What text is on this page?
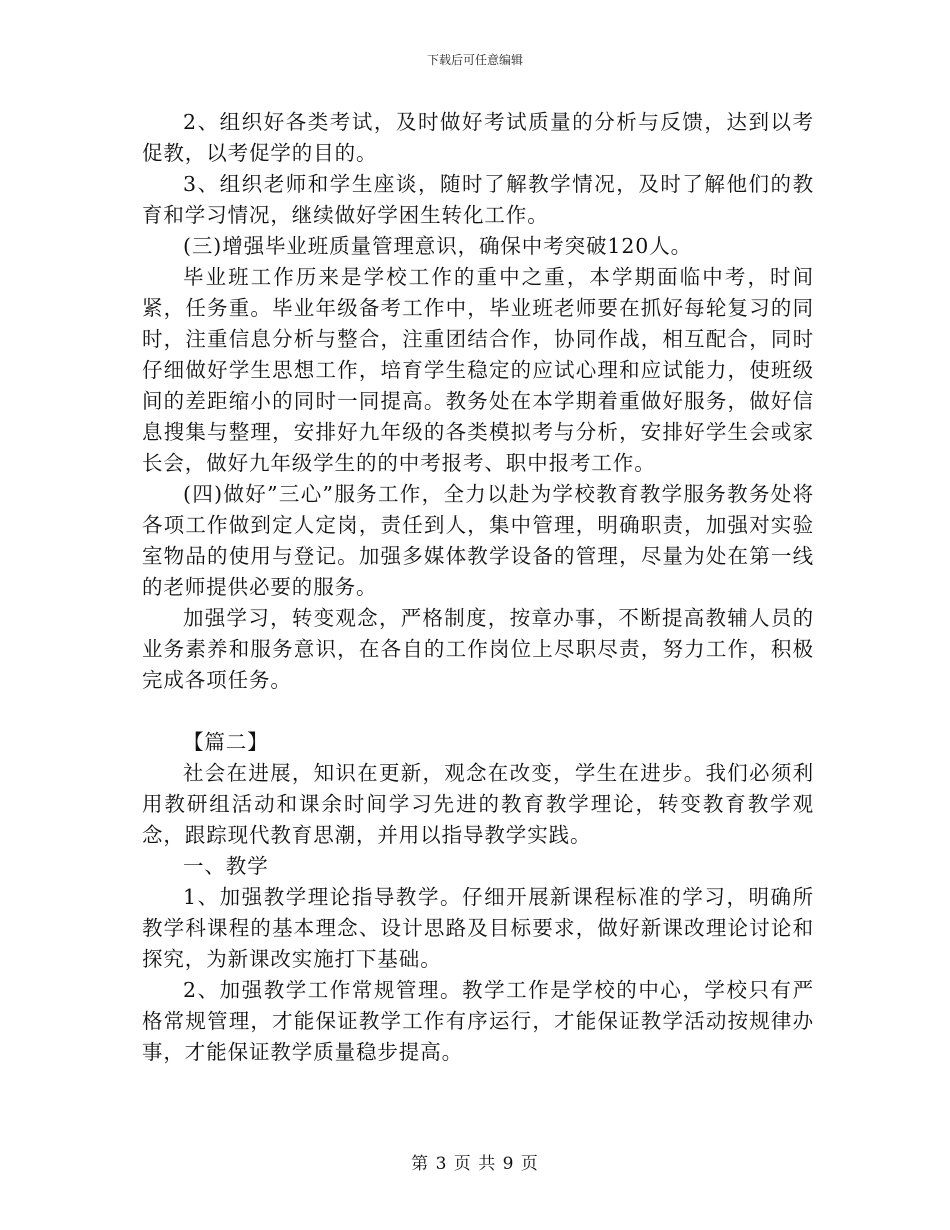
下载后可任意编辑

2、组织好各类考试，及时做好考试质量的分析与反馈，达到以考促教，以考促学的目的。

3、组织老师和学生座谈，随时了解教学情况，及时了解他们的教育和学习情况，继续做好学困生转化工作。

(三)增强毕业班质量管理意识，确保中考突破120人。

毕业班工作历来是学校工作的重中之重，本学期面临中考，时间紧，任务重。毕业年级备考工作中，毕业班老师要在抓好每轮复习的同时，注重信息分析与整合，注重团结合作，协同作战，相互配合，同时仔细做好学生思想工作，培育学生稳定的应试心理和应试能力，使班级间的差距缩小的同时一同提高。教务处在本学期着重做好服务，做好信息搜集与整理，安排好九年级的各类模拟考与分析，安排好学生会或家长会，做好九年级学生的的中考报考、职中报考工作。

(四)做好”三心”服务工作，全力以赴为学校教育教学服务教务处将各项工作做到定人定岗，责任到人，集中管理，明确职责，加强对实验室物品的使用与登记。加强多媒体教学设备的管理，尽量为处在第一线的老师提供必要的服务。

加强学习，转变观念，严格制度，按章办事，不断提高教辅人员的业务素养和服务意识，在各自的工作岗位上尽职尽责，努力工作，积极完成各项任务。

【篇二】

社会在进展，知识在更新，观念在改变，学生在进步。我们必须利用教研组活动和课余时间学习先进的教育教学理论，转变教育教学观念，跟踪现代教育思潮，并用以指导教学实践。

一、教学

1、加强教学理论指导教学。仔细开展新课程标准的学习，明确所教学科课程的基本理念、设计思路及目标要求，做好新课改理论讨论和探究，为新课改实施打下基础。

2、加强教学工作常规管理。教学工作是学校的中心，学校只有严格常规管理，才能保证教学工作有序运行，才能保证教学活动按规律办事，才能保证教学质量稳步提高。

第 3 页 共 9 页
